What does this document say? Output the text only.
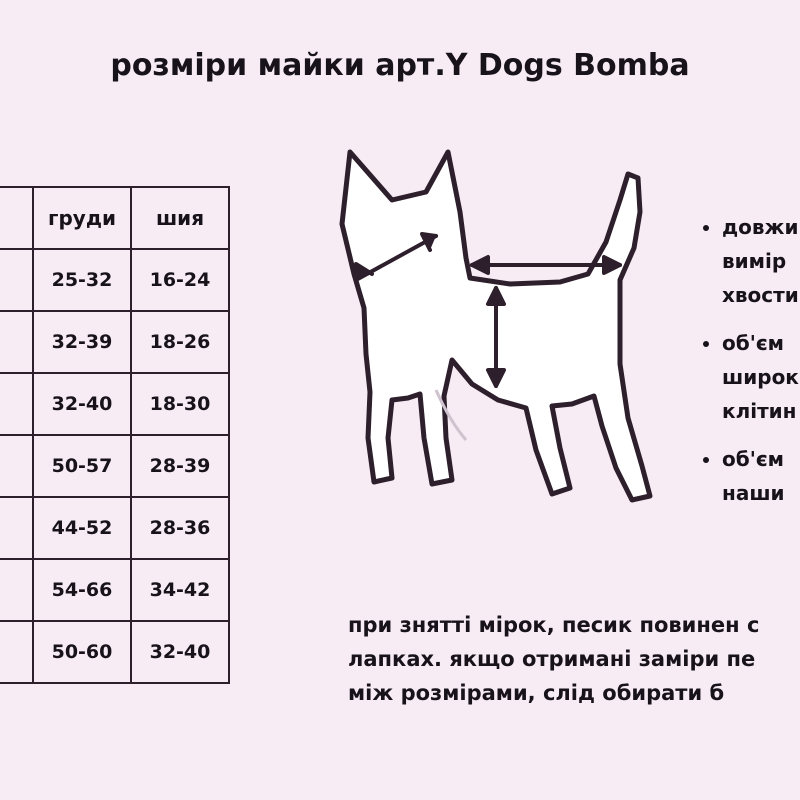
розміри майки арт.Y Dogs Bomba
	груди	шия
	25-32	16-24
	32-39	18-26
	32-40	18-30
	50-57	28-39
	44-52	28-36
	54-66	34-42
	50-60	32-40
• довжи
вимір
хвости
• об'єм
широк
клітин
• об'єм
наши
при знятті мірок, песик повинен с
лапках. якщо отримані заміри пе
між розмірами, слід обирати б
